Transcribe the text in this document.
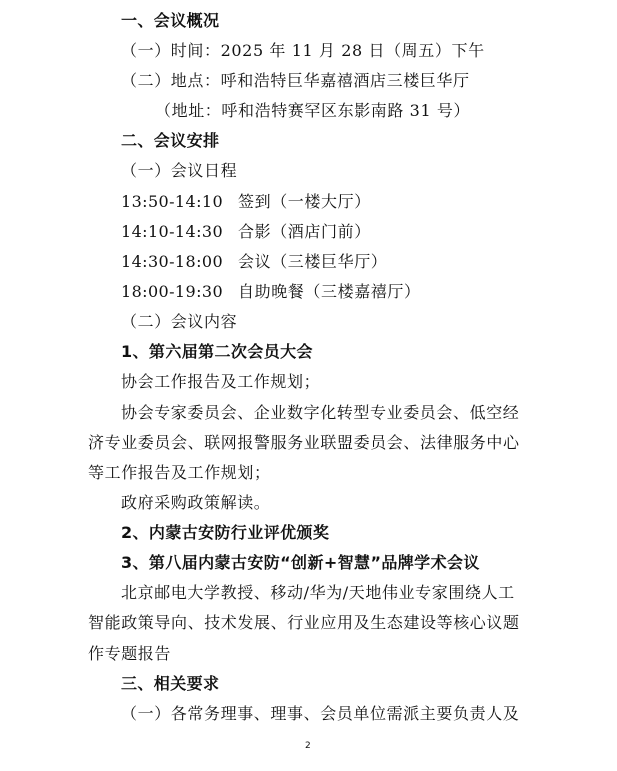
一、会议概况
（一）时间：2025 年 11 月 28 日（周五）下午
（二）地点：呼和浩特巨华嘉禧酒店三楼巨华厅
（地址：呼和浩特赛罕区东影南路 31 号）
二、会议安排
（一）会议日程
13:50-14:10 签到（一楼大厅）
14:10-14:30 合影（酒店门前）
14:30-18:00 会议（三楼巨华厅）
18:00-19:30 自助晚餐（三楼嘉禧厅）
（二）会议内容
1、第六届第二次会员大会
协会工作报告及工作规划；
协会专家委员会、企业数字化转型专业委员会、低空经
济专业委员会、联网报警服务业联盟委员会、法律服务中心
等工作报告及工作规划；
政府采购政策解读。
2、内蒙古安防行业评优颁奖
3、第八届内蒙古安防“创新+智慧”品牌学术会议
北京邮电大学教授、移动/华为/天地伟业专家围绕人工
智能政策导向、技术发展、行业应用及生态建设等核心议题
作专题报告
三、相关要求
（一）各常务理事、理事、会员单位需派主要负责人及
2
